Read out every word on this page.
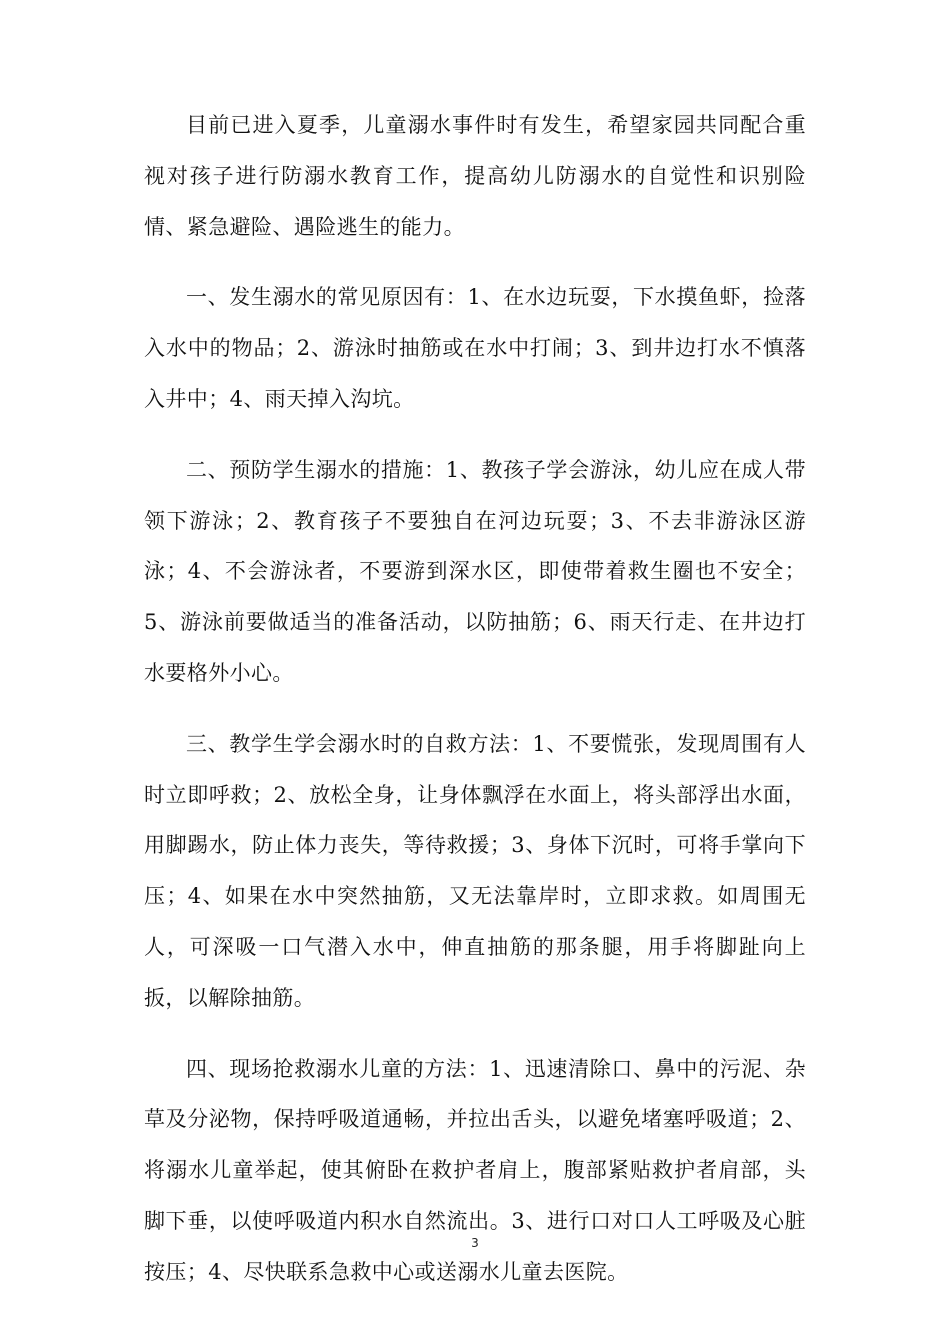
目前已进入夏季，儿童溺水事件时有发生，希望家园共同配合重视对孩子进行防溺水教育工作，提高幼儿防溺水的自觉性和识别险情、紧急避险、遇险逃生的能力。

一、发生溺水的常见原因有：1、在水边玩耍，下水摸鱼虾，捡落入水中的物品；2、游泳时抽筋或在水中打闹；3、到井边打水不慎落入井中；4、雨天掉入沟坑。

二、预防学生溺水的措施：1、教孩子学会游泳，幼儿应在成人带领下游泳；2、教育孩子不要独自在河边玩耍；3、不去非游泳区游泳；4、不会游泳者，不要游到深水区，即使带着救生圈也不安全；5、游泳前要做适当的准备活动，以防抽筋；6、雨天行走、在井边打水要格外小心。

三、教学生学会溺水时的自救方法：1、不要慌张，发现周围有人时立即呼救；2、放松全身，让身体飘浮在水面上，将头部浮出水面，用脚踢水，防止体力丧失，等待救援；3、身体下沉时，可将手掌向下压；4、如果在水中突然抽筋，又无法靠岸时，立即求救。如周围无人，可深吸一口气潜入水中，伸直抽筋的那条腿，用手将脚趾向上扳，以解除抽筋。

四、现场抢救溺水儿童的方法：1、迅速清除口、鼻中的污泥、杂草及分泌物，保持呼吸道通畅，并拉出舌头，以避免堵塞呼吸道；2、将溺水儿童举起，使其俯卧在救护者肩上，腹部紧贴救护者肩部，头脚下垂，以使呼吸道内积水自然流出。3、进行口对口人工呼吸及心脏按压；4、尽快联系急救中心或送溺水儿童去医院。

3
